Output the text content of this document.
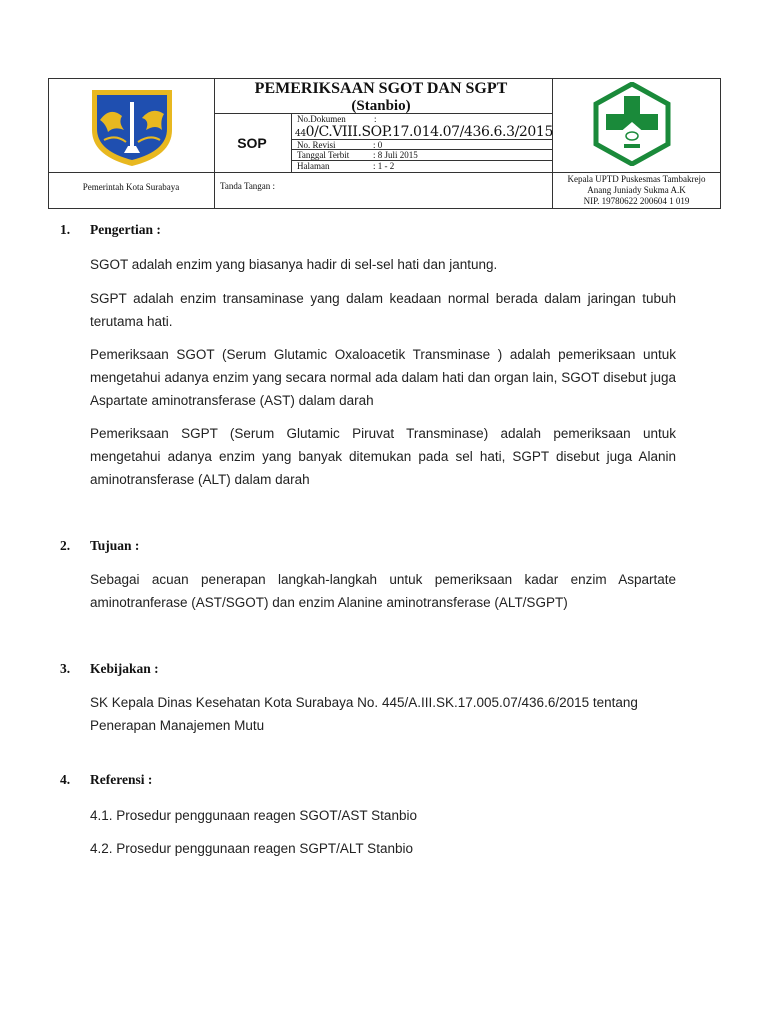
PEMERIKSAAN SGOT DAN SGPT
(Stanbio)
SOP
No.Dokumen	:
440/C.VIII.SOP.17.014.07/436.6.3/2015
No. Revisi	: 0
Tanggal Terbit	: 8 Juli 2015
Halaman	: 1 - 2
Pemerintah Kota Surabaya	Tanda Tangan :
Kepala UPTD Puskesmas Tambakrejo
Anang Juniady Sukma A.K
NIP. 19780622 200604 1 019
1. Pengertian :
SGOT adalah enzim yang biasanya hadir di sel-sel hati dan jantung.
SGPT adalah enzim transaminase yang dalam keadaan normal berada dalam jaringan tubuh terutama hati.
Pemeriksaan SGOT (Serum Glutamic Oxaloacetik Transminase ) adalah pemeriksaan untuk mengetahui adanya enzim yang secara normal ada dalam hati dan organ lain, SGOT disebut juga Aspartate aminotransferase (AST) dalam darah
Pemeriksaan SGPT (Serum Glutamic Piruvat Transminase) adalah pemeriksaan untuk mengetahui adanya enzim yang banyak ditemukan pada sel hati, SGPT disebut juga Alanin aminotransferase (ALT) dalam darah
2. Tujuan :
Sebagai acuan penerapan langkah-langkah untuk pemeriksaan kadar enzim Aspartate aminotranferase (AST/SGOT) dan enzim Alanine aminotransferase (ALT/SGPT)
3. Kebijakan :
SK Kepala Dinas Kesehatan Kota Surabaya No. 445/A.III.SK.17.005.07/436.6/2015 tentang Penerapan Manajemen Mutu
4. Referensi :
4.1. Prosedur penggunaan reagen SGOT/AST Stanbio
4.2. Prosedur penggunaan reagen SGPT/ALT Stanbio
